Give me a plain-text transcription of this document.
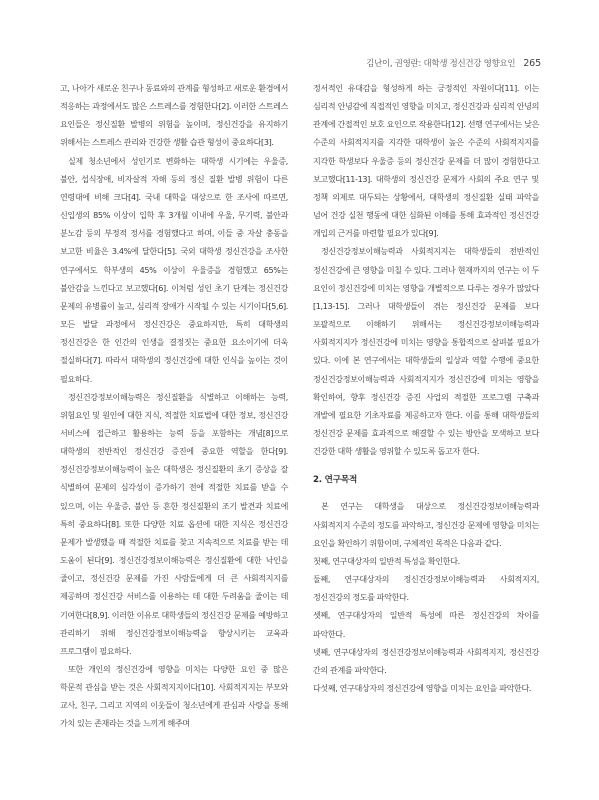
김난이, 권영란: 대학생 정신건강 영향요인 265

고, 나아가 새로운 친구나 동료와의 관계를 형성하고 새로운 환경에서 적응하는 과정에서도 많은 스트레스를 경험한다[2]. 이러한 스트레스 요인들은 정신질환 발병의 위험을 높이며, 정신건강을 유지하기 위해서는 스트레스 관리와 건강한 생활 습관 형성이 중요하다[3].

실제 청소년에서 성인기로 변화하는 대학생 시기에는 우울증, 불안, 섭식장애, 비자살적 자해 등의 정신 질환 발병 위험이 다른 연령대에 비해 크다[4]. 국내 대학을 대상으로 한 조사에 따르면, 신입생의 85% 이상이 입학 후 3개월 이내에 우울, 무기력, 불안과 분노감 등의 부정적 정서를 경험했다고 하며, 이들 중 자살 충동을 보고한 비율은 3.4%에 달한다[5]. 국외 대학생 정신건강을 조사한 연구에서도 학부생의 45% 이상이 우울증을 경험했고 65%는 불안감을 느낀다고 보고했다[6]. 이처럼 성인 초기 단계는 정신건강 문제의 유병률이 높고, 심리적 장애가 시작될 수 있는 시기이다[5,6]. 모든 발달 과정에서 정신건강은 중요하지만, 특히 대학생의 정신건강은 한 인간의 인생을 결정짓는 중요한 요소이기에 더욱 절실하다[7]. 따라서 대학생의 정신건강에 대한 인식을 높이는 것이 필요하다.

정신건강정보이해능력은 정신질환을 식별하고 이해하는 능력, 위험요인 및 원인에 대한 지식, 적절한 치료법에 대한 정보, 정신건강 서비스에 접근하고 활용하는 능력 등을 포함하는 개념[8]으로 대학생의 전반적인 정신건강 증진에 중요한 역할을 한다[9]. 정신건강정보이해능력이 높은 대학생은 정신질환의 초기 증상을 잘 식별하여 문제의 심각성이 증가하기 전에 적절한 치료를 받을 수 있으며, 이는 우울증, 불안 등 흔한 정신질환의 조기 발견과 치료에 특히 중요하다[8]. 또한 다양한 치료 옵션에 대한 지식은 정신건강 문제가 발생했을 때 적절한 치료를 찾고 지속적으로 치료를 받는 데 도움이 된다[9]. 정신건강정보이해능력은 정신질환에 대한 낙인을 줄이고, 정신건강 문제를 가진 사람들에게 더 큰 사회적지지를 제공하며 정신건강 서비스를 이용하는 데 대한 두려움을 줄이는 데 기여한다[8,9]. 이러한 이유로 대학생들의 정신건강 문제를 예방하고 관리하기 위해 정신건강정보이해능력을 향상시키는 교육과 프로그램이 필요하다.

또한 개인의 정신건강에 영향을 미치는 다양한 요인 중 많은 학문적 관심을 받는 것은 사회적지지이다[10]. 사회적지지는 부모와 교사, 친구, 그리고 지역의 이웃들이 청소년에게 관심과 사랑을 통해 가치 있는 존재라는 것을 느끼게 해주며

정서적인 유대감을 형성하게 하는 긍정적인 자원이다[11]. 이는 심리적 안녕감에 직접적인 영향을 미치고, 정신건강과 심리적 안녕의 관계에 간접적인 보호 요인으로 작용한다[12]. 선행 연구에서는 낮은 수준의 사회적지지를 지각한 대학생이 높은 수준의 사회적지지를 지각한 학생보다 우울증 등의 정신건강 문제를 더 많이 경험한다고 보고했다[11-13]. 대학생의 정신건강 문제가 사회의 주요 연구 및 정책 의제로 대두되는 상황에서, 대학생의 정신질환 실태 파악을 넘어 건강 실천 행동에 대한 심화된 이해를 통해 효과적인 정신건강 개입의 근거를 마련할 필요가 있다[9].

정신건강정보이해능력과 사회적지지는 대학생들의 전반적인 정신건강에 큰 영향을 미칠 수 있다. 그러나 현재까지의 연구는 이 두 요인이 정신건강에 미치는 영향을 개별적으로 다루는 경우가 많았다[1,13-15]. 그러나 대학생들이 겪는 정신건강 문제를 보다 포괄적으로 이해하기 위해서는 정신건강정보이해능력과 사회적지지가 정신건강에 미치는 영향을 통합적으로 살펴볼 필요가 있다. 이에 본 연구에서는 대학생들의 일상과 역할 수행에 중요한 정신건강정보이해능력과 사회적지지가 정신건강에 미치는 영향을 확인하여, 향후 정신건강 증진 사업의 적절한 프로그램 구축과 개발에 필요한 기초자료를 제공하고자 한다. 이를 통해 대학생들의 정신건강 문제를 효과적으로 해결할 수 있는 방안을 모색하고 보다 건강한 대학 생활을 영위할 수 있도록 돕고자 한다.

2. 연구목적

본 연구는 대학생을 대상으로 정신건강정보이해능력과 사회적지지 수준의 정도를 파악하고, 정신건강 문제에 영향을 미치는 요인을 확인하기 위함이며, 구체적인 목적은 다음과 같다.

첫째, 연구대상자의 일반적 특성을 확인한다.

둘째, 연구대상자의 정신건강정보이해능력과 사회적지지, 정신건강의 정도를 파악한다.

셋째, 연구대상자의 일반적 특성에 따른 정신건강의 차이를 파악한다.

넷째, 연구대상자의 정신건강정보이해능력과 사회적지지, 정신건강 간의 관계를 파악한다.

다섯째, 연구대상자의 정신건강에 영향을 미치는 요인을 파악한다.
